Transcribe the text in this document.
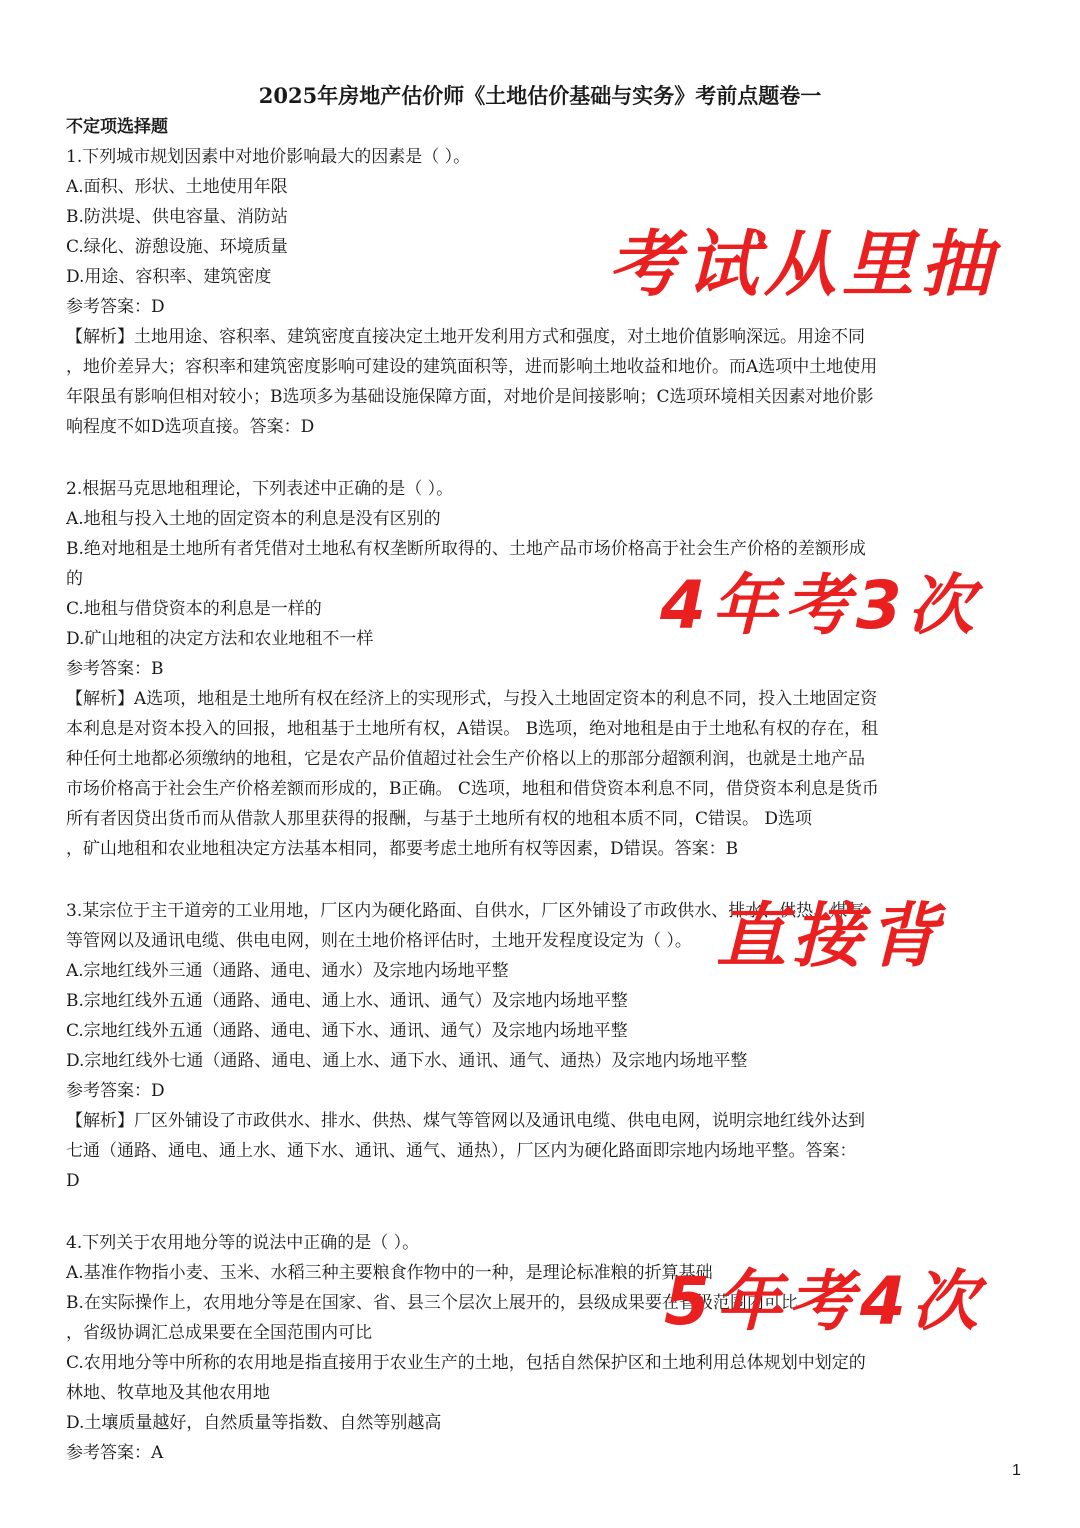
2025年房地产估价师《土地估价基础与实务》考前点题卷一
不定项选择题
1.下列城市规划因素中对地价影响最大的因素是（ ）。
A.面积、形状、土地使用年限
B.防洪堤、供电容量、消防站
C.绿化、游憩设施、环境质量
D.用途、容积率、建筑密度
参考答案：D
【解析】土地用途、容积率、建筑密度直接决定土地开发利用方式和强度，对土地价值影响深远。用途不同
，地价差异大；容积率和建筑密度影响可建设的建筑面积等，进而影响土地收益和地价。而A选项中土地使用
年限虽有影响但相对较小；B选项多为基础设施保障方面，对地价是间接影响；C选项环境相关因素对地价影
响程度不如D选项直接。答案：D
2.根据马克思地租理论，下列表述中正确的是（ ）。
A.地租与投入土地的固定资本的利息是没有区别的
B.绝对地租是土地所有者凭借对土地私有权垄断所取得的、土地产品市场价格高于社会生产价格的差额形成
的
C.地租与借贷资本的利息是一样的
D.矿山地租的决定方法和农业地租不一样
参考答案：B
【解析】A选项，地租是土地所有权在经济上的实现形式，与投入土地固定资本的利息不同，投入土地固定资
本利息是对资本投入的回报，地租基于土地所有权，A错误。 B选项，绝对地租是由于土地私有权的存在，租
种任何土地都必须缴纳的地租，它是农产品价值超过社会生产价格以上的那部分超额利润，也就是土地产品
市场价格高于社会生产价格差额而形成的，B正确。 C选项，地租和借贷资本利息不同，借贷资本利息是货币
所有者因贷出货币而从借款人那里获得的报酬，与基于土地所有权的地租本质不同，C错误。 D选项
，矿山地租和农业地租决定方法基本相同，都要考虑土地所有权等因素，D错误。答案：B
3.某宗位于主干道旁的工业用地，厂区内为硬化路面、自供水，厂区外铺设了市政供水、排水、供热、煤气
等管网以及通讯电缆、供电电网，则在土地价格评估时，土地开发程度设定为（ ）。
A.宗地红线外三通（通路、通电、通水）及宗地内场地平整
B.宗地红线外五通（通路、通电、通上水、通讯、通气）及宗地内场地平整
C.宗地红线外五通（通路、通电、通下水、通讯、通气）及宗地内场地平整
D.宗地红线外七通（通路、通电、通上水、通下水、通讯、通气、通热）及宗地内场地平整
参考答案：D
【解析】厂区外铺设了市政供水、排水、供热、煤气等管网以及通讯电缆、供电电网，说明宗地红线外达到
七通（通路、通电、通上水、通下水、通讯、通气、通热），厂区内为硬化路面即宗地内场地平整。答案：
D
4.下列关于农用地分等的说法中正确的是（ ）。
A.基准作物指小麦、玉米、水稻三种主要粮食作物中的一种，是理论标准粮的折算基础
B.在实际操作上，农用地分等是在国家、省、县三个层次上展开的，县级成果要在省级范围内可比
，省级协调汇总成果要在全国范围内可比
C.农用地分等中所称的农用地是指直接用于农业生产的土地，包括自然保护区和土地利用总体规划中划定的
林地、牧草地及其他农用地
D.土壤质量越好，自然质量等指数、自然等别越高
参考答案：A
考试从里抽
4年考3次
直接背
5年考4次
1
